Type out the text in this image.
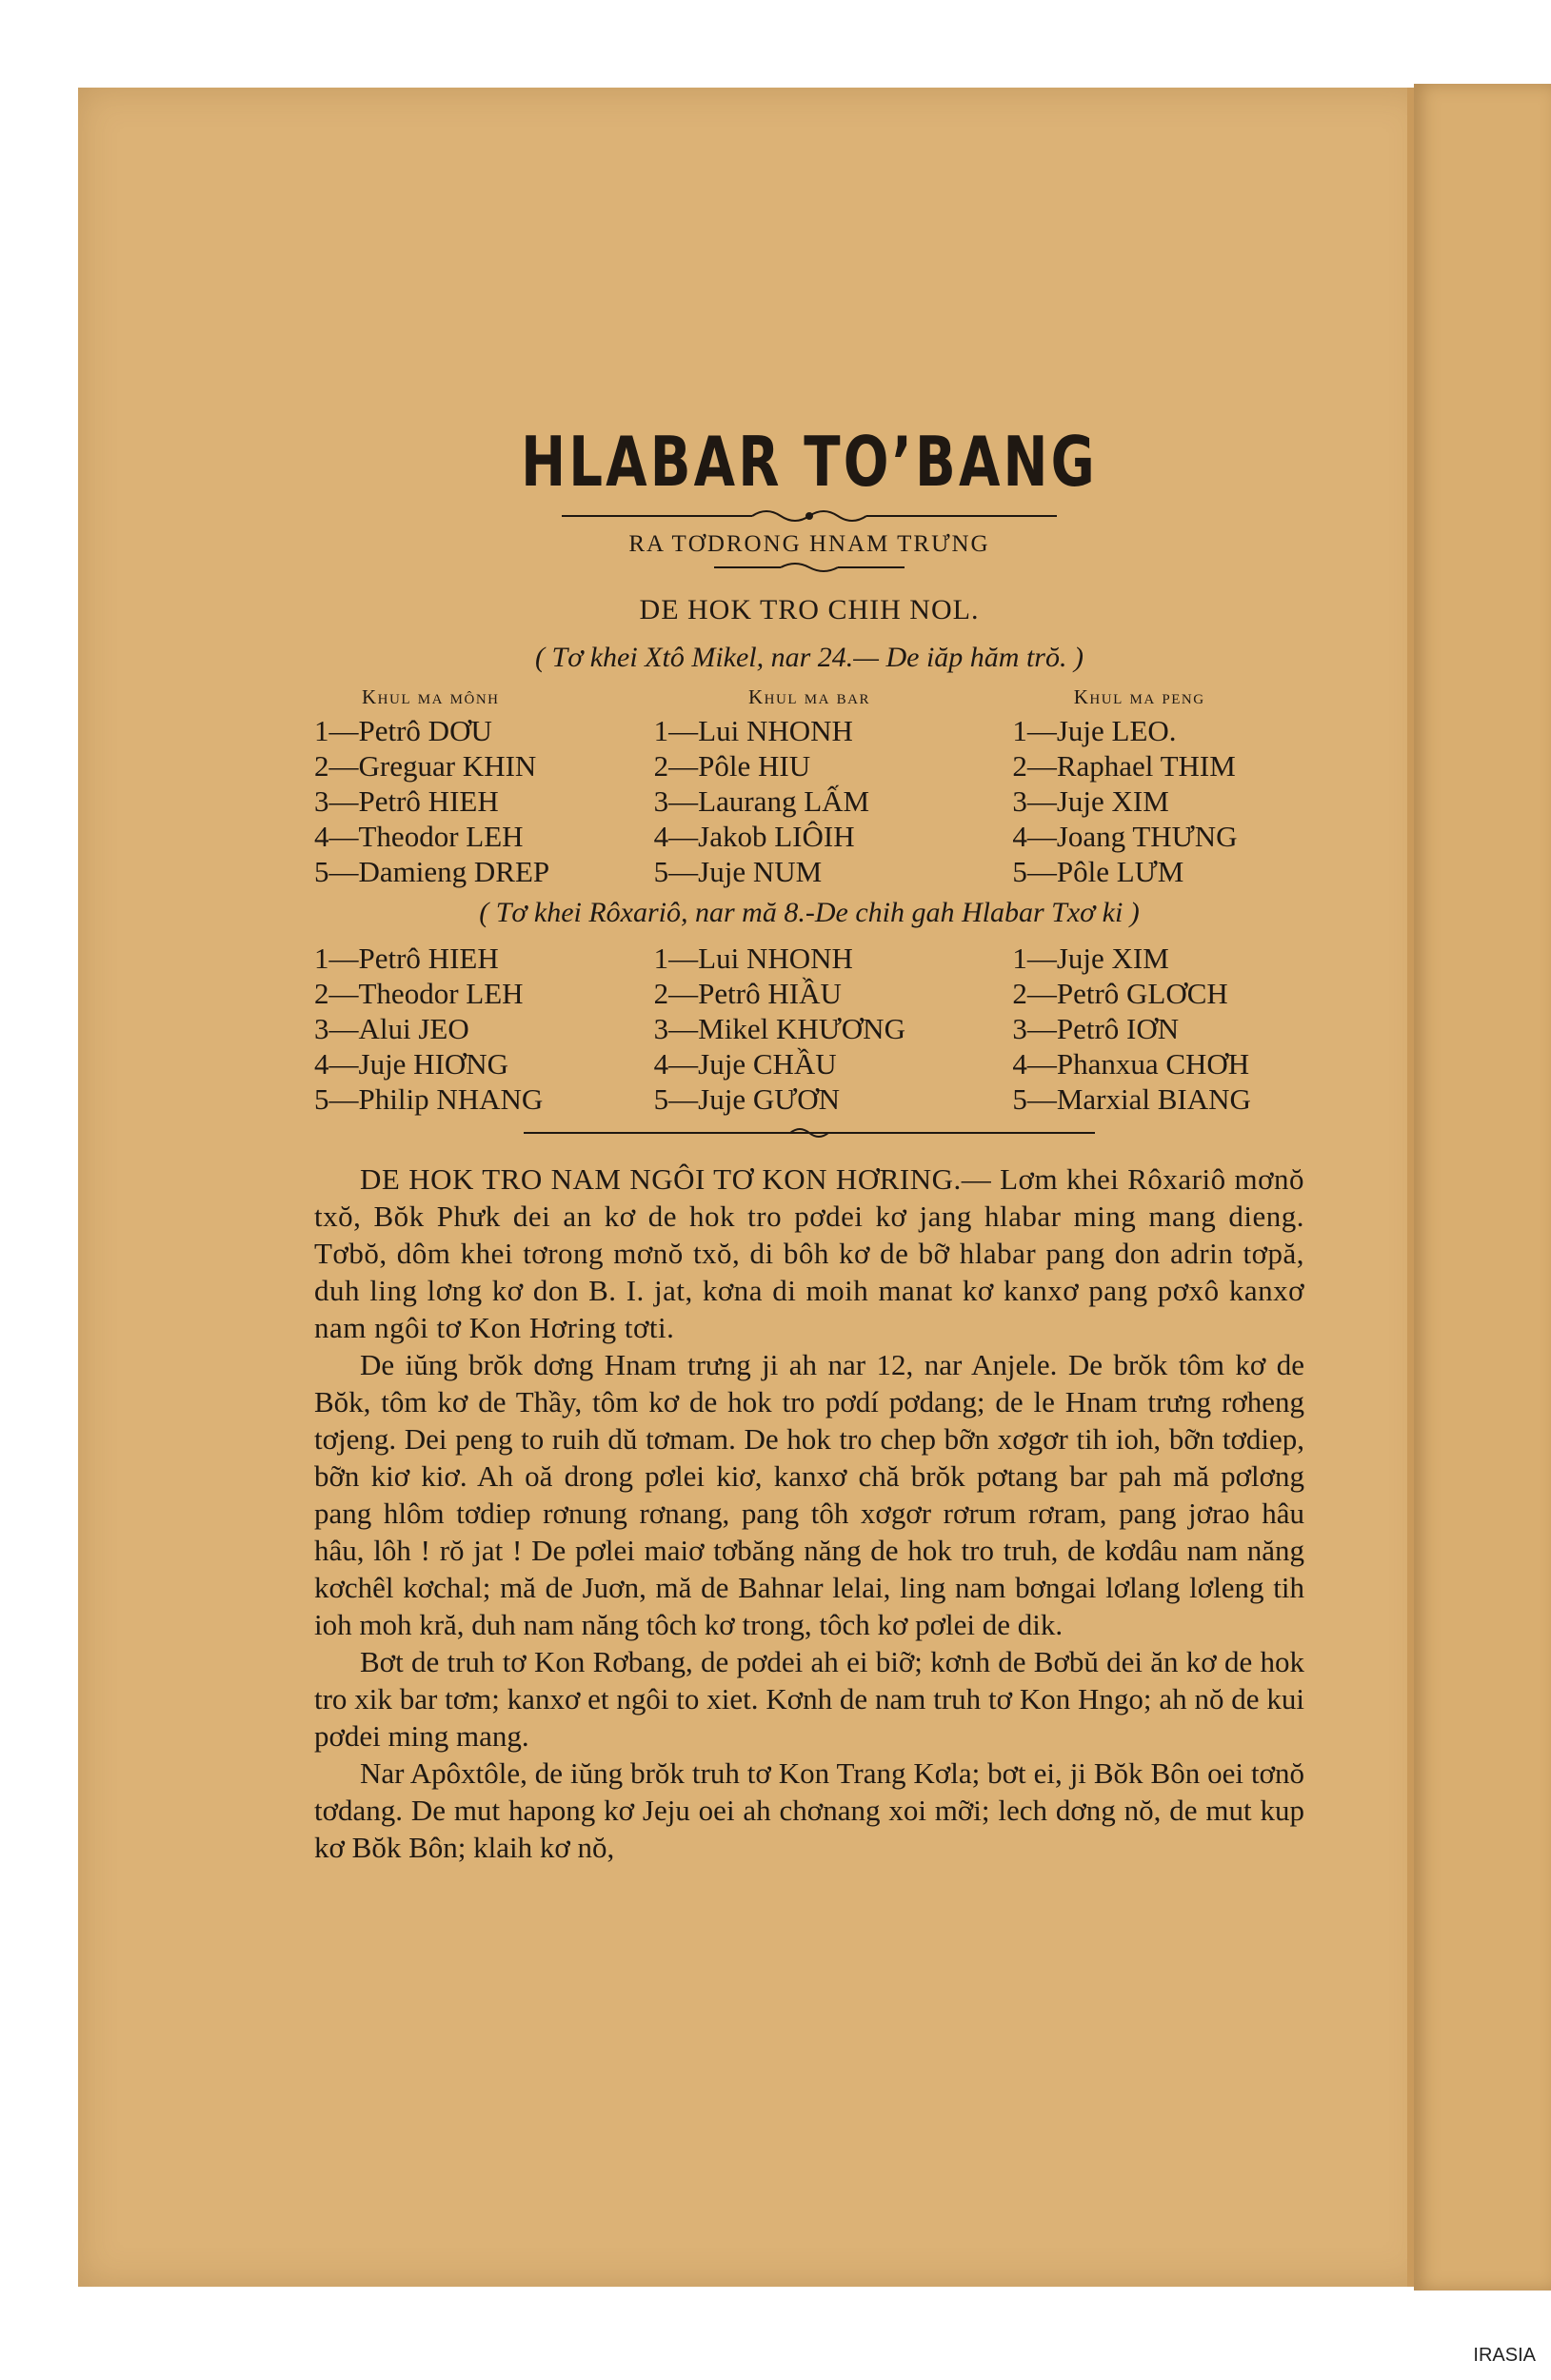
HLABAR TO’BANG

RA TƠDRONG HNAM TRƯNG

DE HOK TRO CHIH NOL.

( Tơ khei Xtô Mikel, nar 24.— De iăp hăm trŏ. )

Khul ma mônh
1—Petrô DƠU
2—Greguar KHIN
3—Petrô HIEH
4—Theodor LEH
5—Damieng DREP
Khul ma bar
1—Lui NHONH
2—Pôle HIU
3—Laurang LẤM
4—Jakob LIÔIH
5—Juje NUM
Khul ma peng
1—Juje LEO.
2—Raphael THIM
3—Juje XIM
4—Joang THƯNG
5—Pôle LƯM

( Tơ khei Rôxariô, nar mă 8.-De chih gah Hlabar Txơ ki )

1—Petrô HIEH
2—Theodor LEH
3—Alui JEO
4—Juje HIƠNG
5—Philip NHANG
1—Lui NHONH
2—Petrô HIẦU
3—Mikel KHƯƠNG
4—Juje CHẦU
5—Juje GƯƠN
1—Juje XIM
2—Petrô GLƠCH
3—Petrô IƠN
4—Phanxua CHƠH
5—Marxial BIANG

DE HOK TRO NAM NGÔI TƠ KON HƠRING.— Lơm khei Rôxariô mơnŏ txŏ, Bŏk Phưk dei an kơ de hok tro pơdei kơ jang hlabar ming mang dieng. Tơbŏ, dôm khei tơrong mơnŏ txŏ, di bôh kơ de bỡ hlabar pang don adrin tơpă, duh ling lơng kơ don B. I. jat, kơna di moih manat kơ kanxơ pang pơxô kanxơ nam ngôi tơ Kon Hơring tơti.

De iŭng brŏk dơng Hnam trưng ji ah nar 12, nar Anjele. De brŏk tôm kơ de Bŏk, tôm kơ de Thầy, tôm kơ de hok tro pơdí pơdang; de le Hnam trưng rơheng tơjeng. Dei peng to ruih dŭ tơmam. De hok tro chep bỡn xơgơr tih ioh, bỡn tơdiep, bỡn kiơ kiơ. Ah oă drong pơlei kiơ, kanxơ chă brŏk pơtang bar pah mă pơlơng pang hlôm tơdiep rơnung rơnang, pang tôh xơgơr rơrum rơram, pang jơrao hâu hâu, lôh ! rŏ jat ! De pơlei maiơ tơbăng năng de hok tro truh, de kơdâu nam năng kơchêl kơchal; mă de Juơn, mă de Bahnar lelai, ling nam bơngai lơlang lơleng tih ioh moh kră, duh nam năng tôch kơ trong, tôch kơ pơlei de dik.

Bơt de truh tơ Kon Rơbang, de pơdei ah ei biỡ; kơnh de Bơbŭ dei ăn kơ de hok tro xik bar tơm; kanxơ et ngôi to xiet. Kơnh de nam truh tơ Kon Hngo; ah nŏ de kui pơdei ming mang.

Nar Apôxtôle, de iŭng brŏk truh tơ Kon Trang Kơla; bơt ei, ji Bŏk Bôn oei tơnŏ tơdang. De mut hapong kơ Jeju oei ah chơnang xoi mỡi; lech dơng nŏ, de mut kup kơ Bŏk Bôn; klaih kơ nŏ,

IRASIA
